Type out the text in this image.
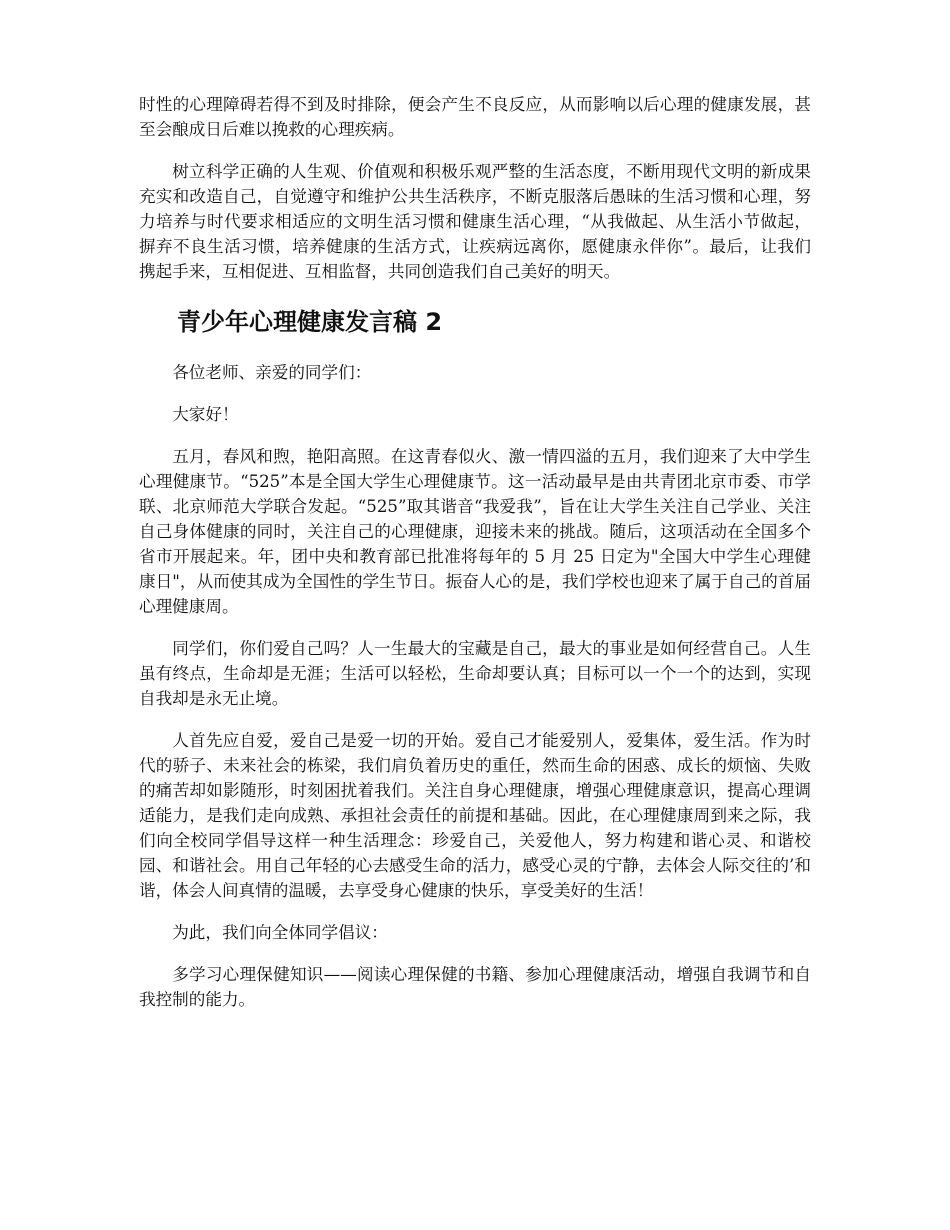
时性的心理障碍若得不到及时排除，便会产生不良反应，从而影响以后心理的健康发展，甚至会酿成日后难以挽救的心理疾病。

树立科学正确的人生观、价值观和积极乐观严整的生活态度，不断用现代文明的新成果充实和改造自己，自觉遵守和维护公共生活秩序，不断克服落后愚昧的生活习惯和心理，努力培养与时代要求相适应的文明生活习惯和健康生活心理，“从我做起、从生活小节做起，摒弃不良生活习惯，培养健康的生活方式，让疾病远离你，愿健康永伴你”。最后，让我们携起手来，互相促进、互相监督，共同创造我们自己美好的明天。

青少年心理健康发言稿 2

各位老师、亲爱的同学们：

大家好！

五月，春风和煦，艳阳高照。在这青春似火、激一情四溢的五月，我们迎来了大中学生心理健康节。“525”本是全国大学生心理健康节。这一活动最早是由共青团北京市委、市学联、北京师范大学联合发起。“525”取其谐音“我爱我”，旨在让大学生关注自己学业、关注自己身体健康的同时，关注自己的心理健康，迎接未来的挑战。随后，这项活动在全国多个省市开展起来。年，团中央和教育部已批准将每年的 5 月 25 日定为"全国大中学生心理健康日"，从而使其成为全国性的学生节日。振奋人心的是，我们学校也迎来了属于自己的首届心理健康周。

同学们，你们爱自己吗？人一生最大的宝藏是自己，最大的事业是如何经营自己。人生虽有终点，生命却是无涯；生活可以轻松，生命却要认真；目标可以一个一个的达到，实现自我却是永无止境。

人首先应自爱，爱自己是爱一切的开始。爱自己才能爱别人，爱集体，爱生活。作为时代的骄子、未来社会的栋梁，我们肩负着历史的重任，然而生命的困惑、成长的烦恼、失败的痛苦却如影随形，时刻困扰着我们。关注自身心理健康，增强心理健康意识，提高心理调适能力，是我们走向成熟、承担社会责任的前提和基础。因此，在心理健康周到来之际，我们向全校同学倡导这样一种生活理念：珍爱自己，关爱他人，努力构建和谐心灵、和谐校园、和谐社会。用自己年轻的心去感受生命的活力，感受心灵的宁静，去体会人际交往的’和谐，体会人间真情的温暖，去享受身心健康的快乐，享受美好的生活！

为此，我们向全体同学倡议：

多学习心理保健知识——阅读心理保健的书籍、参加心理健康活动，增强自我调节和自我控制的能力。
